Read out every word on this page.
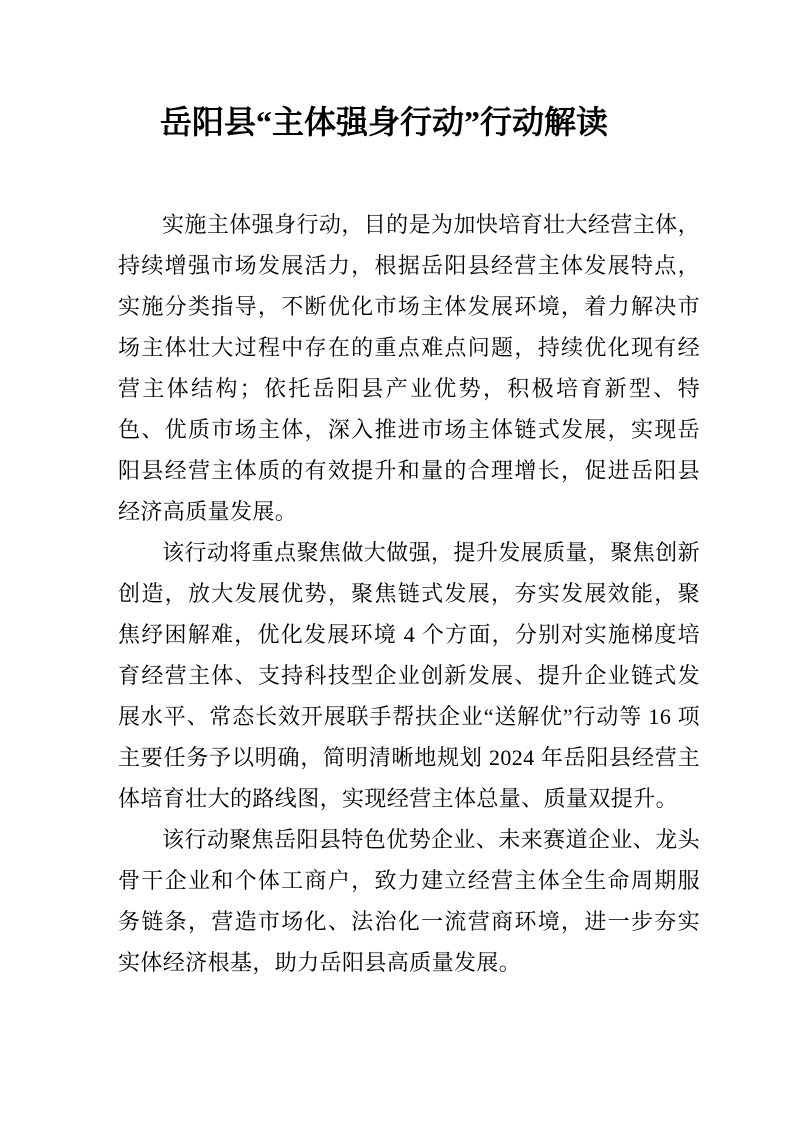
岳阳县“主体强身行动”行动解读

实施主体强身行动，目的是为加快培育壮大经营主体，持续增强市场发展活力，根据岳阳县经营主体发展特点，实施分类指导，不断优化市场主体发展环境，着力解决市场主体壮大过程中存在的重点难点问题，持续优化现有经营主体结构；依托岳阳县产业优势，积极培育新型、特色、优质市场主体，深入推进市场主体链式发展，实现岳阳县经营主体质的有效提升和量的合理增长，促进岳阳县经济高质量发展。

该行动将重点聚焦做大做强，提升发展质量，聚焦创新创造，放大发展优势，聚焦链式发展，夯实发展效能，聚焦纾困解难，优化发展环境 4 个方面，分别对实施梯度培育经营主体、支持科技型企业创新发展、提升企业链式发展水平、常态长效开展联手帮扶企业“送解优”行动等 16 项主要任务予以明确，简明清晰地规划 2024 年岳阳县经营主体培育壮大的路线图，实现经营主体总量、质量双提升。

该行动聚焦岳阳县特色优势企业、未来赛道企业、龙头骨干企业和个体工商户，致力建立经营主体全生命周期服务链条，营造市场化、法治化一流营商环境，进一步夯实实体经济根基，助力岳阳县高质量发展。
